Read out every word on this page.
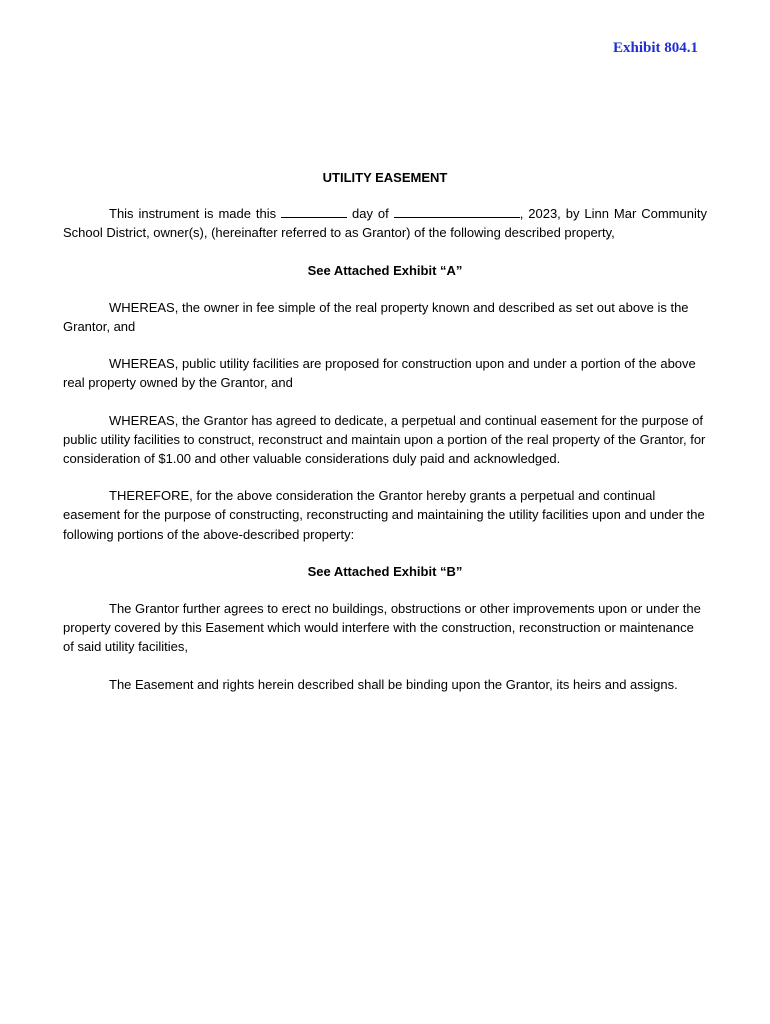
Exhibit 804.1
UTILITY EASEMENT

This instrument is made this	day of	, 2023, by Linn Mar Community School District, owner(s), (hereinafter referred to as Grantor) of the following described property,

See Attached Exhibit “A”

WHEREAS, the owner in fee simple of the real property known and described as set out above is the Grantor, and

WHEREAS, public utility facilities are proposed for construction upon and under a portion of the above real property owned by the Grantor, and

WHEREAS, the Grantor has agreed to dedicate, a perpetual and continual easement for the purpose of public utility facilities to construct, reconstruct and maintain upon a portion of the real property of the Grantor, for consideration of $1.00 and other valuable considerations duly paid and acknowledged.

THEREFORE, for the above consideration the Grantor hereby grants a perpetual and continual easement for the purpose of constructing, reconstructing and maintaining the utility facilities upon and under the following portions of the above-described property:

See Attached Exhibit “B”

The Grantor further agrees to erect no buildings, obstructions or other improvements upon or under the property covered by this Easement which would interfere with the construction, reconstruction or maintenance of said utility facilities,

The Easement and rights herein described shall be binding upon the Grantor, its heirs and assigns.
